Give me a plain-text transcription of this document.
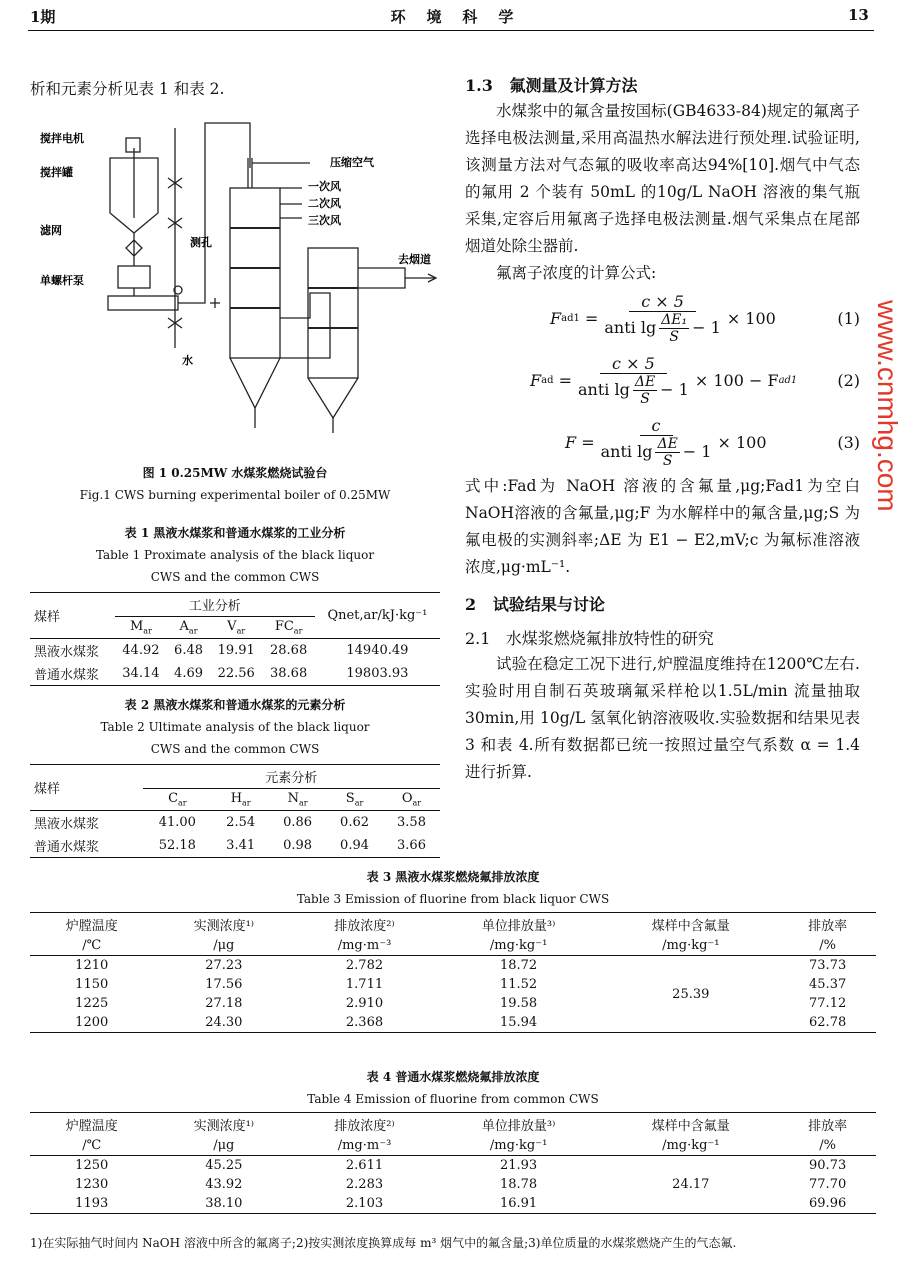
1期	环    境    科    学	13
析和元素分析见表 1 和表 2.
搅拌电机
搅拌罐
滤网
单螺杆泵
水
压缩空气
一次风
二次风
三次风
测孔
去烟道
图 1 0.25MW 水煤浆燃烧试验台
Fig.1 CWS burning experimental boiler of 0.25MW
表 1 黑液水煤浆和普通水煤浆的工业分析
Table 1 Proximate analysis of the black liquor
CWS and the common CWS
煤样	工业分析				Qnet,ar/kJ·kg⁻¹
	$M_{ar}$	$A_{ar}$	$V_{ar}$	$FC_{ar}$
黑液水煤浆	44.92	6.48	19.91	28.68	14940.49
普通水煤浆	34.14	4.69	22.56	38.68	19803.93
表 2 黑液水煤浆和普通水煤浆的元素分析
Table 2 Ultimate analysis of the black liquor
CWS and the common CWS
煤样	元素分析				
	$C_{ar}$	$H_{ar}$	$N_{ar}$	$S_{ar}$	$O_{ar}$
黑液水煤浆	41.00	2.54	0.86	0.62	3.58
普通水煤浆	52.18	3.41	0.98	0.94	3.66
1.3   氟测量及计算方法
水煤浆中的氟含量按国标(GB4633-84)规定的氟离子选择电极法测量,采用高温热水解法进行预处理.试验证明,该测量方法对气态氟的吸收率高达94%[10].烟气中气态的氟用 2 个装有 50mL 的10g/L NaOH 溶液的集气瓶采集,定容后用氟离子选择电极法测量.烟气采集点在尾部烟道处除尘器前.
氟离子浓度的计算公式:
F $ad1 = \frac{c \times 5}{anti \lg \frac{\text{ΔE₁}}{S} - 1} \times 100$	(1)
F ad = $\frac{c \times 5}{anti \lg \frac{\Delta E}{S} - 1} \times 100 - F$ ad1	(2)
$F = \frac{c}{anti \lg \frac{\Delta E}{S} - 1} \times 100$	(3)
式中:Fad为 NaOH 溶液的含氟量,μg;Fad1为空白NaOH溶液的含氟量,μg;F 为水解样中的氟含量,μg;S 为氟电极的实测斜率;ΔE 为 E1 − E2,mV;c 为氟标准溶液浓度,μg·mL⁻¹.
2   试验结果与讨论
2.1   水煤浆燃烧氟排放特性的研究
试验在稳定工况下进行,炉膛温度维持在1200℃左右.实验时用自制石英玻璃氟采样枪以1.5L/min 流量抽取 30min,用 10g/L 氢氧化钠溶液吸收.实验数据和结果见表 3 和表 4.所有数据都已统一按照过量空气系数 α = 1.4 进行折算.
表 3 黑液水煤浆燃烧氟排放浓度
Table 3 Emission of fluorine from black liquor CWS
炉膛温度	实测浓度¹⁾	排放浓度²⁾	单位排放量³⁾	煤样中含氟量	排放率
/℃	/μg	/mg·m⁻³	/mg·kg⁻¹	/mg·kg⁻¹	/%
1210	27.23	2.782	18.72	25.39	73.73
1150	17.56	1.711	11.52		45.37
1225	27.18	2.910	19.58		77.12
1200	24.30	2.368	15.94		62.78
表 4 普通水煤浆燃烧氟排放浓度
Table 4 Emission of fluorine from common CWS
炉膛温度	实测浓度¹⁾	排放浓度²⁾	单位排放量³⁾	煤样中含氟量	排放率
/℃	/μg	/mg·m⁻³	/mg·kg⁻¹	/mg·kg⁻¹	/%
1250	45.25	2.611	21.93	24.17	90.73
1230	43.92	2.283	18.78		77.70
1193	38.10	2.103	16.91		69.96
1)在实际抽气时间内 NaOH 溶液中所含的氟离子;2)按实测浓度换算成每 m³ 烟气中的氟含量;3)单位质量的水煤浆燃烧产生的气态氟.
www.cnmhg.com
